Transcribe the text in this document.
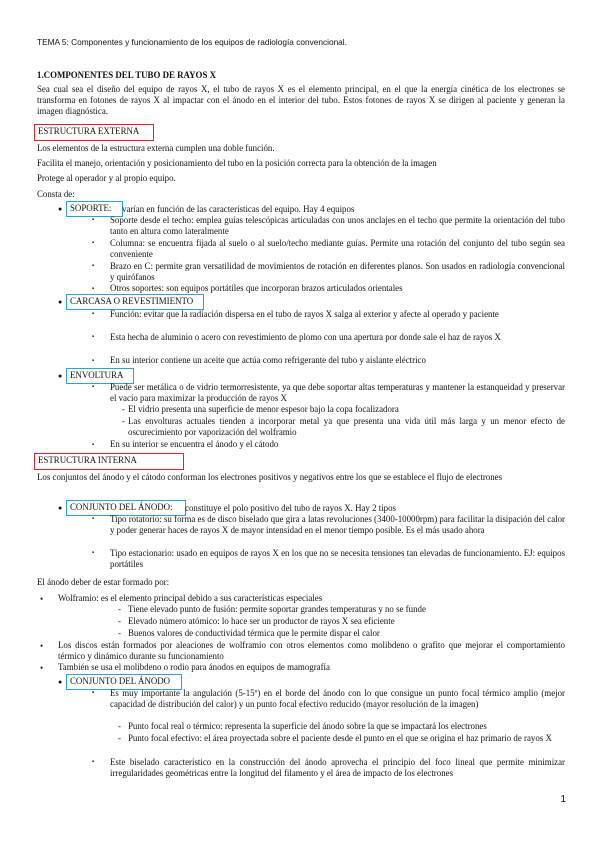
TEMA 5: Componentes y funcionamiento de los equipos de radiología convencional.
1.COMPONENTES DEL TUBO DE RAYOS X
Sea cual sea el diseño del equipo de rayos X, el tubo de rayos X es el elemento principal, en el que la energía cinética de los electrones se transforma en fotones de rayos X al impactar con el ánodo en el interior del tubo. Estos fotones de rayos X se dirigen al paciente y generan la imagen diagnóstica.
ESTRUCTURA EXTERNA
Los elementos de la estructura externa cumplen una doble función.
Facilita el manejo, orientación y posicionamiento del tubo en la posición correcta para la obtención de la imagen
Protege al operador y al propio equipo.
Consta de:
● SOPORTE:	varían en función de las características del equipo. Hay 4 equipos
▪ Soporte desde el techo: emplea guías telescópicas articuladas con unos anclajes en el techo que permite la orientación del tubo tanto en altura como lateralmente
▪ Columna: se encuentra fijada al suelo o al suelo/techo mediante guías. Permite una rotación del conjunto del tubo según sea conveniente
▪ Brazo en C: permite gran versatilidad de movimientos de rotación en diferentes planos. Son usados en radiología convencional y quirófanos
▪ Otros soportes: son equipos portátiles que incorporan brazos articulados orientales
● CARCASA O REVESTIMIENTO
▪ Función: evitar que la radiación dispersa en el tubo de rayos X salga al exterior y afecte al operado y paciente
▪ Esta hecha de aluminio o acero con revestimiento de plomo con una apertura por donde sale el haz de rayos X
▪ En su interior contiene un aceite que actúa como refrigerante del tubo y aislante eléctrico
● ENVOLTURA
▪ Puede ser metálica o de vidrio termorresistente, ya que debe soportar altas temperaturas y mantener la estanqueidad y preservar el vacío para maximizar la producción de rayos X
- El vidrio presenta una superficie de menor espesor bajo la copa focalizadora
- Las envolturas actuales tienden a incorporar metal ya que presenta una vida útil más larga y un menor efecto de oscurecimiento por vaporización del wolframio
▪ En su interior se encuentra el ánodo y el cátodo
ESTRUCTURA INTERNA
Los conjuntos del ánodo y el cátodo conforman los electrones positivos y negativos entre los que se establece el flujo de electrones
● CONJUNTO DEL ÁNODO:	constituye el polo positivo del tubo de rayos X. Hay 2 tipos
▪ Tipo rotatorio: su forma es de disco biselado que gira a latas revoluciones (3400-10000rpm) para facilitar la disipación del calor y poder generar haces de rayos X de mayor intensidad en el menor tiempo posible. Es el más usado ahora
▪ Tipo estacionario: usado en equipos de rayos X en los que no se necesita tensiones tan elevadas de funcionamiento. EJ: equipos portátiles
El ánodo deber de estar formado por:
• Wolframio: es el elemento principal debido a sus características especiales
- Tiene elevado punto de fusión: permite soportar grandes temperaturas y no se funde
- Elevado número atómico: lo hace ser un productor de rayos X sea eficiente
- Buenos valores de conductividad térmica que le permite dispar el calor
• Los discos están formados por aleaciones de wolframio con otros elementos como molibdeno o grafito que mejorar el comportamiento térmico y dinámico durante su funcionamiento
• También se usa el molibdeno o rodio para ánodos en equipos de mamografía
● CONJUNTO DEL ÁNODO
▪ Es muy importante la angulación (5-15º) en el borde del ánodo con lo que consigue un punto focal térmico amplio (mejor capacidad de distribución del calor) y un punto focal efectivo reducido (mayor resolución de la imagen)
- Punto focal real o térmico: representa la superficie del ánodo sobre la que se impactará los electrones
- Punto focal efectivo: el área proyectada sobre el paciente desde el punto en el que se origina el haz primario de rayos X
▪ Este biselado característico en la construcción del ánodo aprovecha el principio del foco lineal que permite minimizar irregularidades geométricas entre la longitud del filamento y el área de impacto de los electrones
1
